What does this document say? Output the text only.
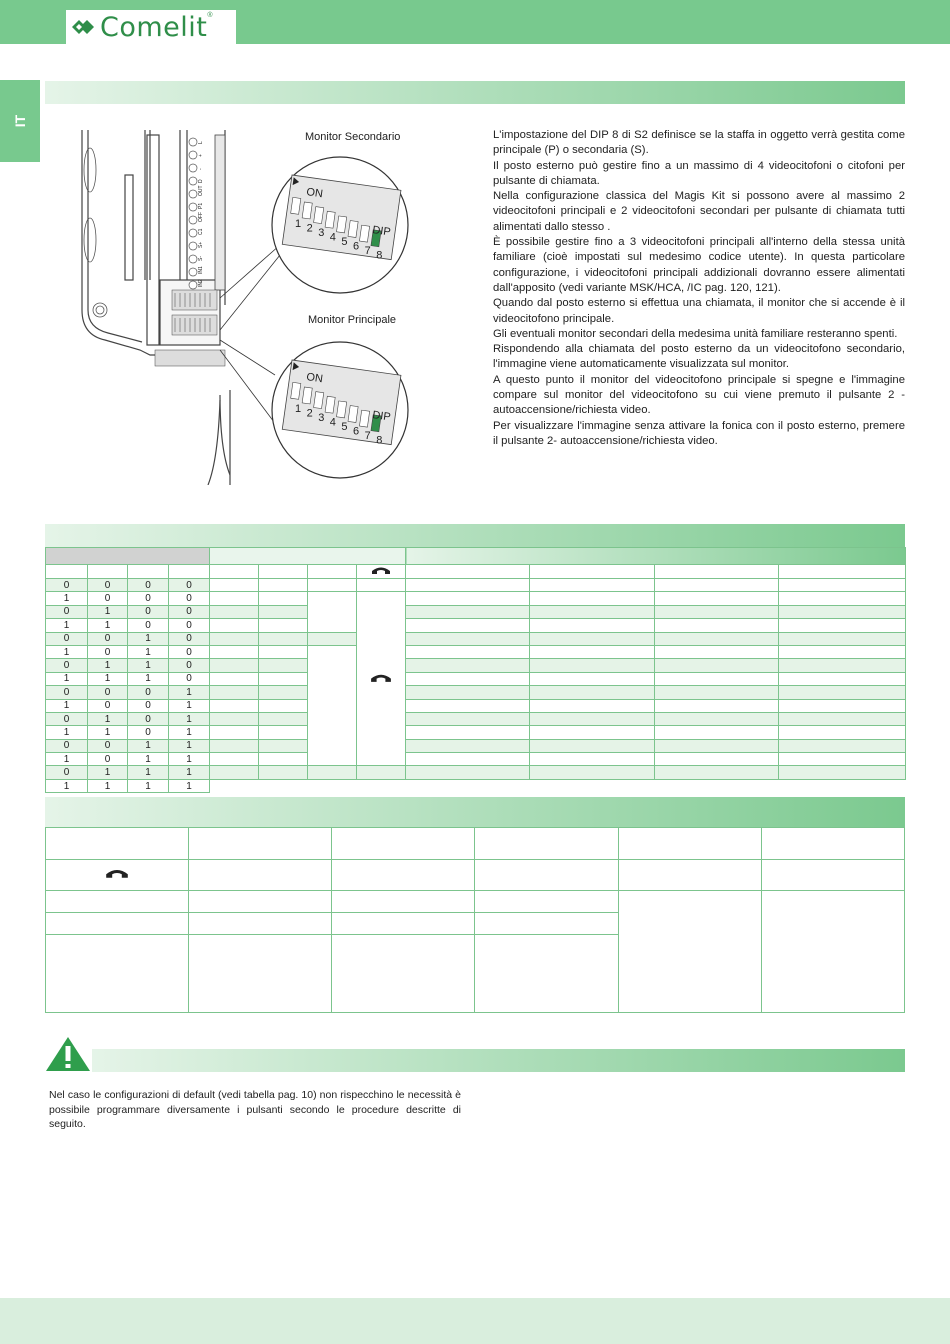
Comelit ®
IT
Monitor Secondario
Monitor Principale
ON
DIP
ON
DIP
1 2 3 4 5 6 7 8
1 2 3 4 5 6 7 8
L
+
-
D
OUT
P1
OFF
C1
S+
S-
IN1
IN2

L'impostazione del DIP 8 di S2 definisce se la staffa in oggetto verrà gestita come principale (P) o secondaria (S).

Il posto esterno può gestire fino a un massimo di 4 videocitofoni o citofoni per pulsante di chiamata.

Nella configurazione classica del Magis Kit si possono avere al massimo 2 videocitofoni principali e 2 videocitofoni secondari per pulsante di chiamata tutti alimentati dallo stesso .

È possibile gestire fino a 3 videocitofoni principali all'interno della stessa unità familiare (cioè impostati sul medesimo codice utente). In questa particolare configurazione, i videocitofoni principali addizionali dovranno essere alimentati dall'apposito (vedi variante MSK/HCA, /IC pag. 120, 121).

Quando dal posto esterno si effettua una chiamata, il monitor che si accende è il videocitofono principale.

Gli eventuali monitor secondari della medesima unità familiare resteranno spenti.

Rispondendo alla chiamata del posto esterno da un videocitofono secondario, l'immagine viene automaticamente visualizzata sul monitor.

A questo punto il monitor del videocitofono principale si spegne e l'immagine compare sul monitor del videocitofono su cui viene premuto il pulsante 2 - autoaccensione/richiesta video.

Per visualizzare l'immagine senza attivare la fonica con il posto esterno, premere il pulsante 2- autoaccensione/richiesta video.

0	0	0	0								
1	0	0	0								
0	1	0	0								
1	1	0	0								
0	0	1	0								
1	0	1	0								
0	1	1	0								
1	1	1	0								
0	0	0	1								
1	0	0	1								
0	1	0	1								
1	1	0	1								
0	0	1	1								
1	0	1	1								
0	1	1	1								
1	1	1	1								

Nel caso le configurazioni di default (vedi tabella pag. 10) non rispecchino le necessità è possibile programmare diversamente i pulsanti secondo le procedure descritte di seguito.
